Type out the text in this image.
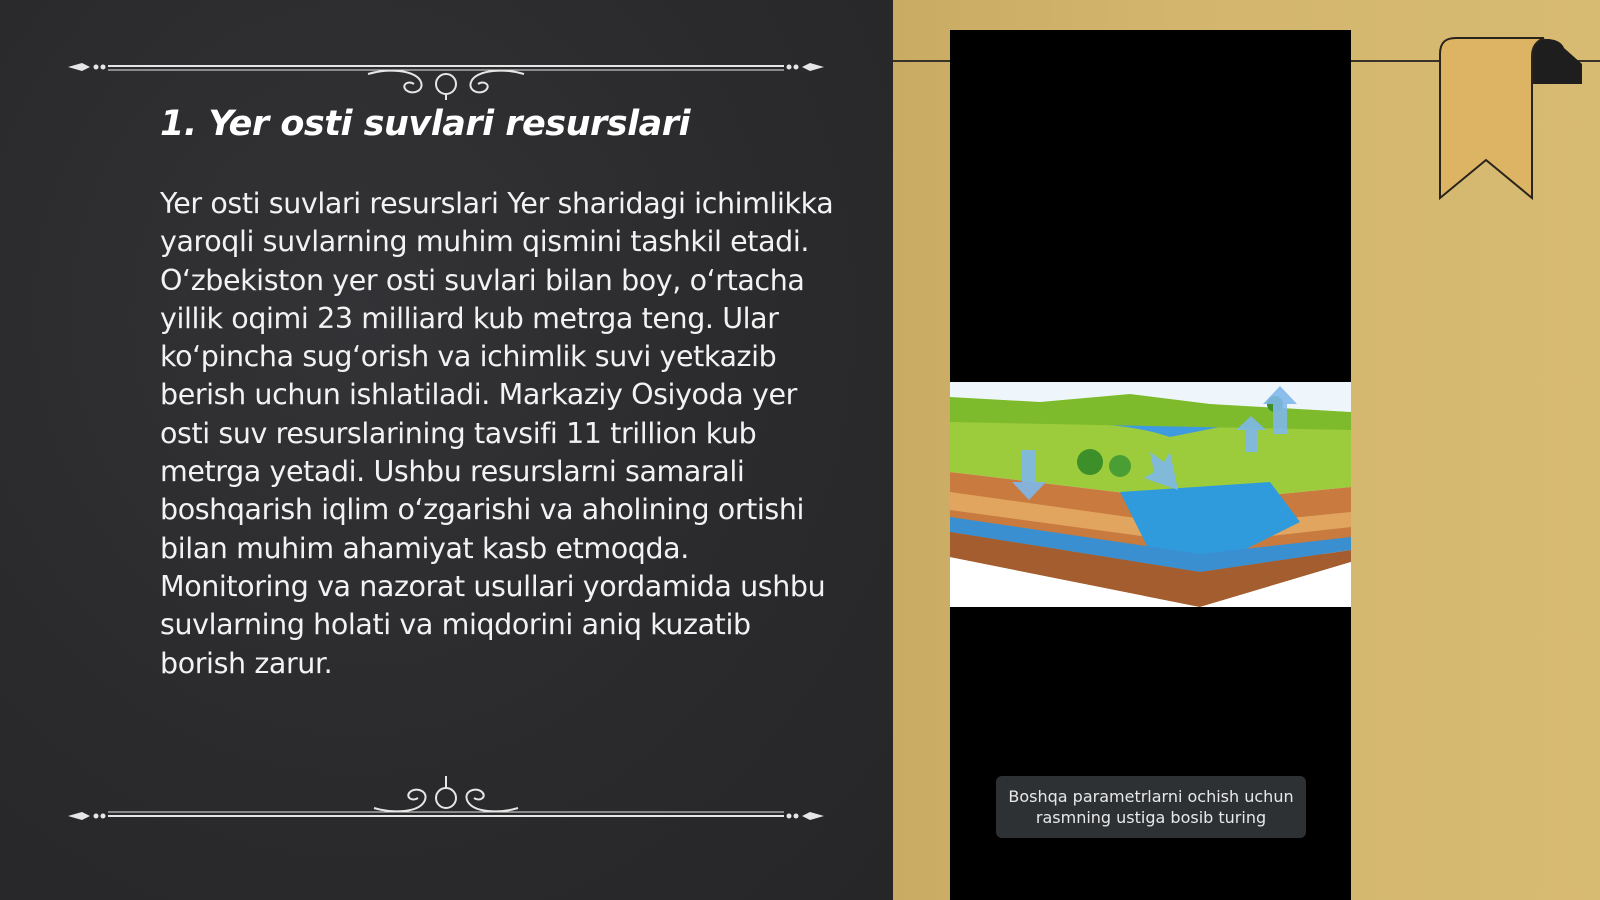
1. Yer osti suvlari resurslari

Yer osti suvlari resurslari Yer sharidagi ichimlikka yaroqli suvlarning muhim qismini tashkil etadi. O‘zbekiston yer osti suvlari bilan boy, o‘rtacha yillik oqimi 23 milliard kub metrga teng. Ular ko‘pincha sug‘orish va ichimlik suvi yetkazib berish uchun ishlatiladi. Markaziy Osiyoda yer osti suv resurslarining tavsifi 11 trillion kub metrga yetadi. Ushbu resurslarni samarali boshqarish iqlim o‘zgarishi va aholining ortishi bilan muhim ahamiyat kasb etmoqda. Monitoring va nazorat usullari yordamida ushbu suvlarning holati va miqdorini aniq kuzatib borish zarur.

Boshqa parametrlarni ochish uchun
rasmning ustiga bosib turing
